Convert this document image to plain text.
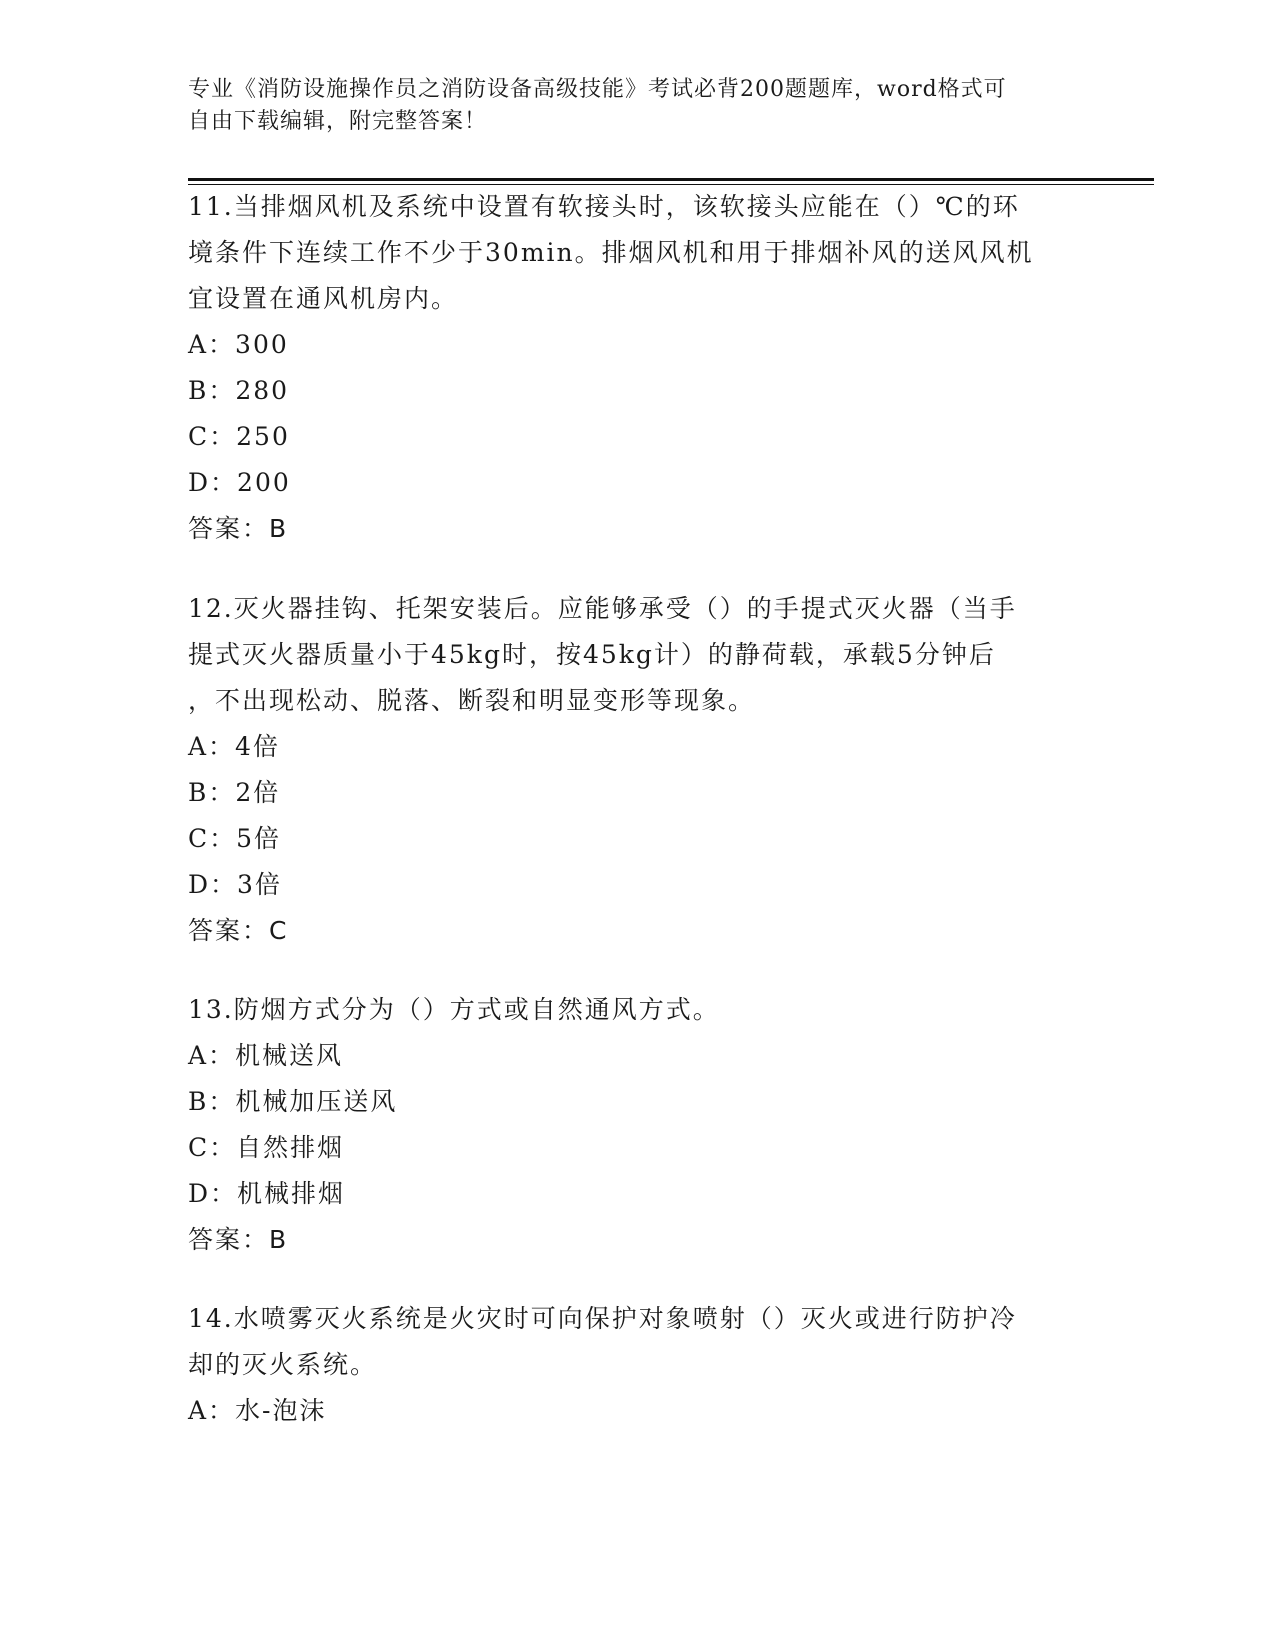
专业《消防设施操作员之消防设备高级技能》考试必背200题题库，word格式可
自由下载编辑，附完整答案！

11.当排烟风机及系统中设置有软接头时，该软接头应能在（）℃的环

境条件下连续工作不少于30min。排烟风机和用于排烟补风的送风风机

宜设置在通风机房内。

A：300

B：280

C：250

D：200

答案：B

12.灭火器挂钩、托架安装后。应能够承受（）的手提式灭火器（当手

提式灭火器质量小于45kg时，按45kg计）的静荷载，承载5分钟后

，不出现松动、脱落、断裂和明显变形等现象。

A：4倍

B：2倍

C：5倍

D：3倍

答案：C

13.防烟方式分为（）方式或自然通风方式。

A：机械送风

B：机械加压送风

C：自然排烟

D：机械排烟

答案：B

14.水喷雾灭火系统是火灾时可向保护对象喷射（）灭火或进行防护冷

却的灭火系统。

A：水-泡沫
